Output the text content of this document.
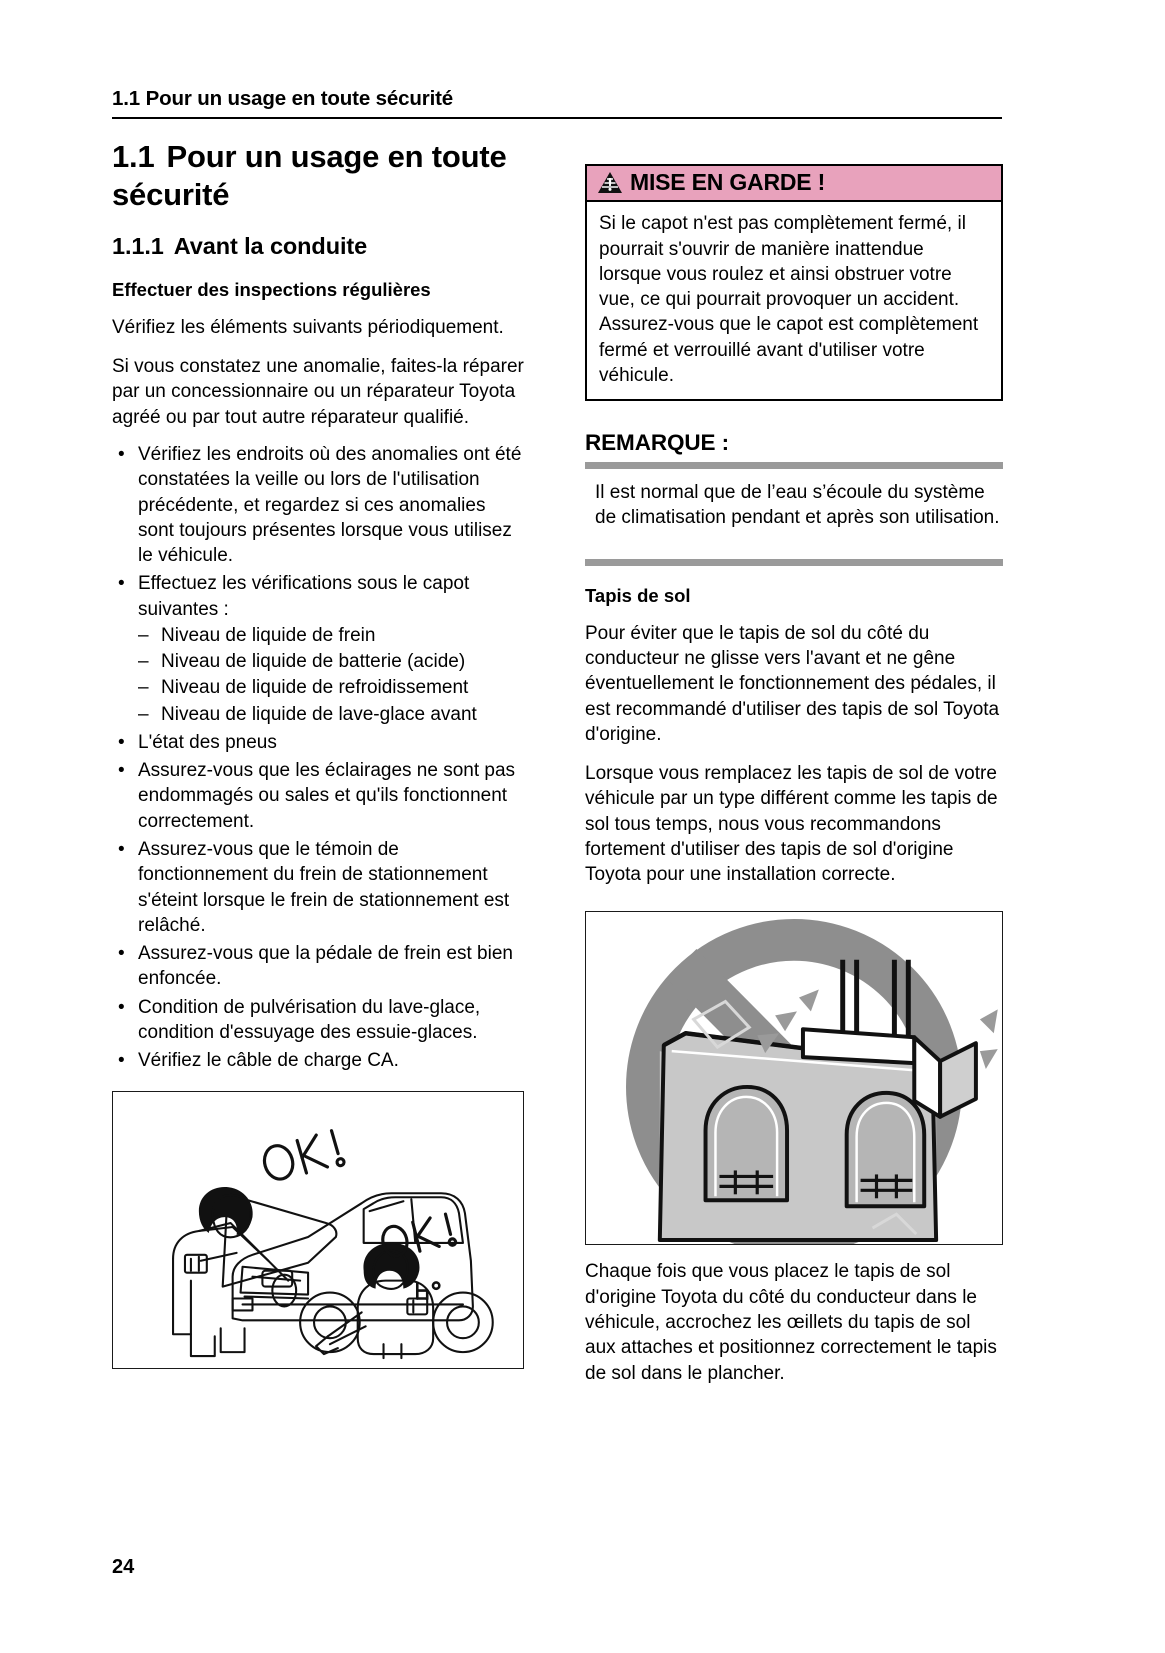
1.1 Pour un usage en toute sécurité
1.1 Pour un usage en toute sécurité
1.1.1 Avant la conduite
Effectuer des inspections régulières

Vérifiez les éléments suivants périodiquement.

Si vous constatez une anomalie, faites-la réparer par un concessionnaire ou un réparateur Toyota agréé ou par tout autre réparateur qualifié.

• Vérifiez les endroits où des anomalies ont été constatées la veille ou lors de l'utilisation précédente, et regardez si ces anomalies sont toujours présentes lorsque vous utilisez le véhicule.
• Effectuez les vérifications sous le capot suivantes :
– Niveau de liquide de frein
– Niveau de liquide de batterie (acide)
– Niveau de liquide de refroidissement
– Niveau de liquide de lave-glace avant
• L'état des pneus
• Assurez-vous que les éclairages ne sont pas endommagés ou sales et qu'ils fonctionnent correctement.
• Assurez-vous que le témoin de fonctionnement du frein de stationnement s'éteint lorsque le frein de stationnement est relâché.
• Assurez-vous que la pédale de frein est bien enfoncée.
• Condition de pulvérisation du lave-glace, condition d'essuyage des essuie-glaces.
• Vérifiez le câble de charge CA.
MISE EN GARDE !

Si le capot n'est pas complètement fermé, il pourrait s'ouvrir de manière inattendue lorsque vous roulez et ainsi obstruer votre vue, ce qui pourrait provoquer un accident. Assurez-vous que le capot est complètement fermé et verrouillé avant d'utiliser votre véhicule.

REMARQUE :

Il est normal que de l’eau s’écoule du système de climatisation pendant et après son utilisation.

Tapis de sol

Pour éviter que le tapis de sol du côté du conducteur ne glisse vers l'avant et ne gêne éventuellement le fonctionnement des pédales, il est recommandé d'utiliser des tapis de sol Toyota d'origine.

Lorsque vous remplacez les tapis de sol de votre véhicule par un type différent comme les tapis de sol tous temps, nous vous recommandons fortement d'utiliser des tapis de sol d'origine Toyota pour une installation correcte.

Chaque fois que vous placez le tapis de sol d'origine Toyota du côté du conducteur dans le véhicule, accrochez les œillets du tapis de sol aux attaches et positionnez correctement le tapis de sol dans le plancher.

24
